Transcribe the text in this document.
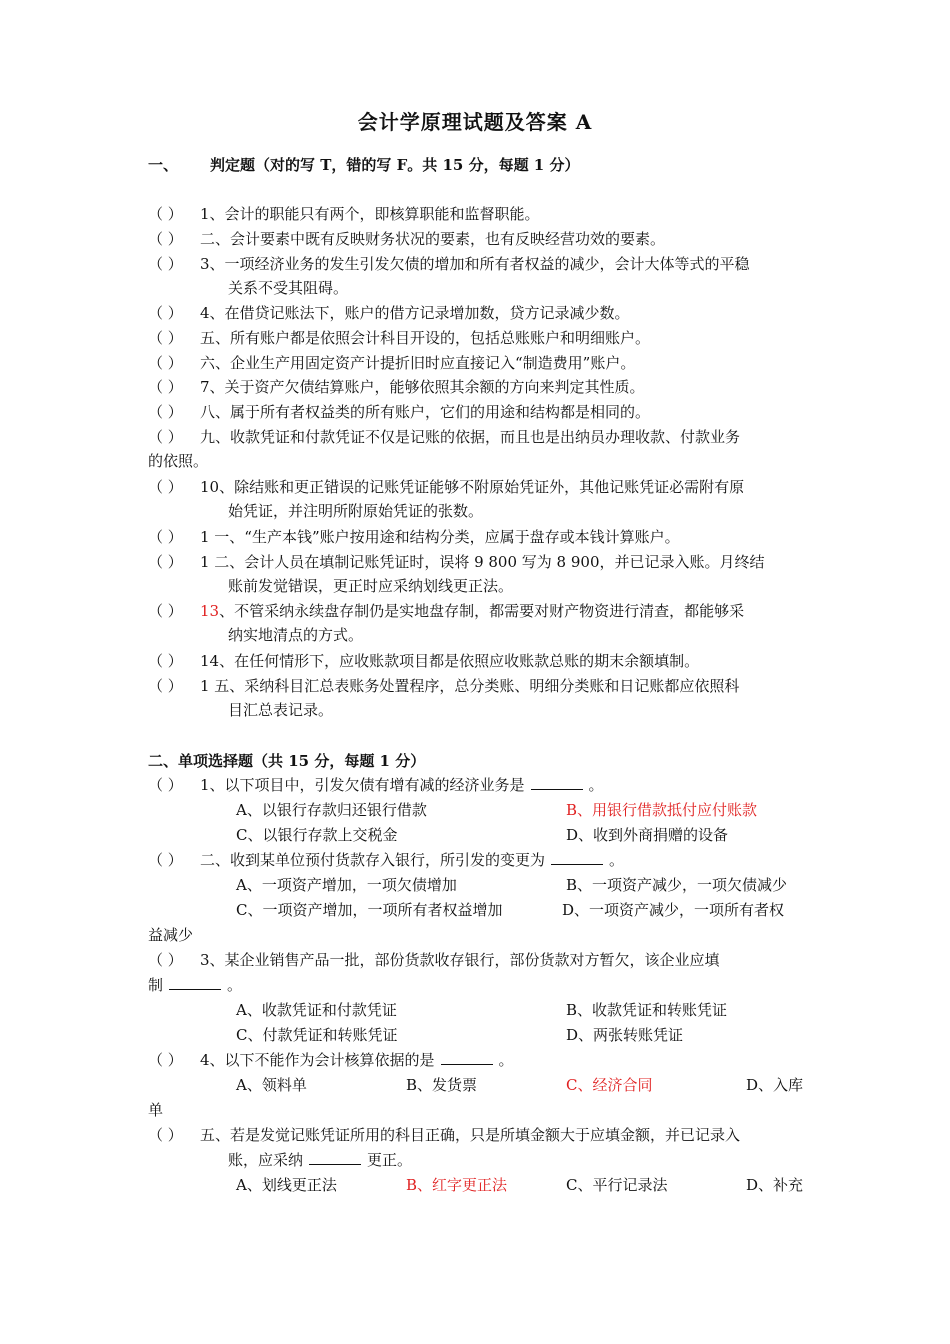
会计学原理试题及答案 A
一、 判定题（对的写 T，错的写 F。共 15 分，每题 1 分）
（ ） 1、会计的职能只有两个，即核算职能和监督职能。
（ ） 二、会计要素中既有反映财务状况的要素，也有反映经营功效的要素。
（ ） 3、一项经济业务的发生引发欠债的增加和所有者权益的减少，会计大体等式的平稳
关系不受其阻碍。
（ ） 4、在借贷记账法下，账户的借方记录增加数，贷方记录减少数。
（ ） 五、所有账户都是依照会计科目开设的，包括总账账户和明细账户。
（ ） 六、企业生产用固定资产计提折旧时应直接记入“制造费用”账户。
（ ） 7、关于资产欠债结算账户，能够依照其余额的方向来判定其性质。
（ ） 八、属于所有者权益类的所有账户，它们的用途和结构都是相同的。
（ ） 九、收款凭证和付款凭证不仅是记账的依据，而且也是出纳员办理收款、付款业务
的依照。
（ ） 10、除结账和更正错误的记账凭证能够不附原始凭证外，其他记账凭证必需附有原
始凭证，并注明所附原始凭证的张数。
（ ） 1 一、“生产本钱”账户按用途和结构分类，应属于盘存或本钱计算账户。
（ ） 1 二、会计人员在填制记账凭证时，误将 9 800 写为 8 900，并已记录入账。月终结
账前发觉错误，更正时应采纳划线更正法。
（ ） 13、不管采纳永续盘存制仍是实地盘存制，都需要对财产物资进行清查，都能够采
纳实地清点的方式。
（ ） 14、在任何情形下，应收账款项目都是依照应收账款总账的期末余额填制。
（ ） 1 五、采纳科目汇总表账务处置程序，总分类账、明细分类账和日记账都应依照科
目汇总表记录。
二、单项选择题（共 15 分，每题 1 分）
（ ） 1、以下项目中，引发欠债有增有减的经济业务是	。
A、以银行存款归还银行借款	B、用银行借款抵付应付账款
C、以银行存款上交税金	D、收到外商捐赠的设备
（ ） 二、收到某单位预付货款存入银行，所引发的变更为	。
A、一项资产增加，一项欠债增加	B、一项资产减少，一项欠债减少
C、一项资产增加，一项所有者权益增加	D、一项资产减少，一项所有者权
益减少
（ ） 3、某企业销售产品一批，部份货款收存银行，部份货款对方暂欠，该企业应填
制	。
A、收款凭证和付款凭证	B、收款凭证和转账凭证
C、付款凭证和转账凭证	D、两张转账凭证
（ ） 4、以下不能作为会计核算依据的是	。
A、领料单	B、发货票	C、经济合同	D、入库
单
（ ） 五、若是发觉记账凭证所用的科目正确，只是所填金额大于应填金额，并已记录入
账，应采纳	更正。
A、划线更正法	B、红字更正法	C、平行记录法	D、补充
